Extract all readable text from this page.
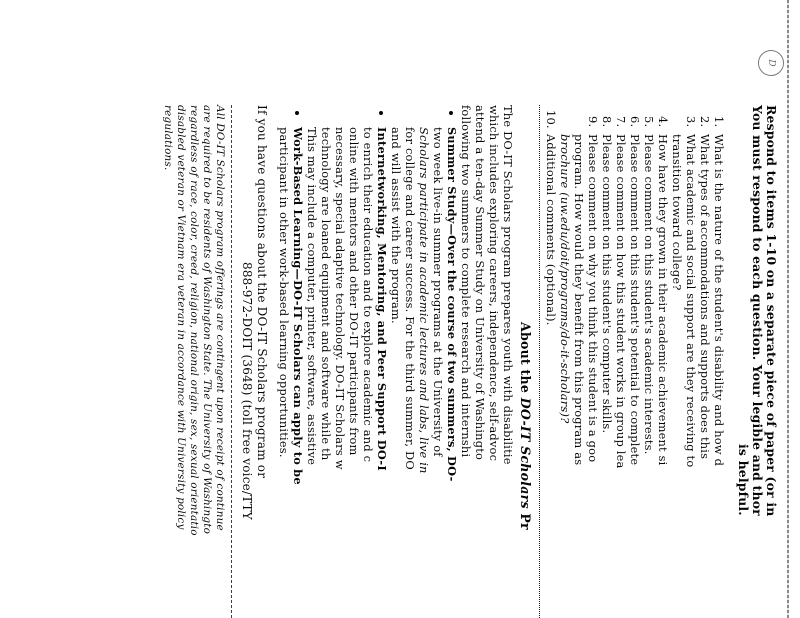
D
Respond to items 1-10 on a separate piece of paper (or in
You must respond to each question. Your legible and thor
is helpful.
1.
What is the nature of the student's disability and how d
2.
What types of accommodations and supports does this
3.
What academic and social support are they receiving to
transition toward college?
4.
How have they grown in their academic achievement si
5.
Please comment on this student's academic interests.
6.
Please comment on this student's potential to complete
7.
Please comment on how this student works in group lea
8.
Please comment on this student's computer skills.
9.
Please comment on why you think this student is a goo
program. How would they benefit from this program as
brochure (uw.edu/doit/programs/do-it-scholars)?
10.
Additional comments (optional).
About the DO-IT Scholars Pr
The DO-IT Scholars program prepares youth with disabilitie
which includes exploring careers, independence, self-advoc
attend a ten-day Summer Study on University of Washingto
following two summers to complete research and internshi
Summer Study—Over the course of two summers, DO-
two week live-in summer programs at the University of
Scholars participate in academic lectures and labs, live in
for college and career success. For the third summer, DO
and will assist with the program.
Internetworking, Mentoring, and Peer Support DO-I
to enrich their education and to explore academic and c
online with mentors and other DO-IT participants from
necessary, special adaptive technology. DO-IT Scholars w
technology are loaned equipment and software while th
This may include a computer, printer, software, assistive
Work-Based Learning—DO-IT Scholars can apply to be
participant in other work-based learning opportunities.
If you have questions about the DO-IT Scholars program or
888-972-DOIT (3648) (toll free voice/TTY
All DO-IT Scholars program offerings are contingent upon receipt of continue
are required to be residents of Washington State. The University of Washingto
regardless of race, color, creed, religion, national origin, sex, sexual orientatio
disabled veteran or Vietnam era veteran in accordance with University policy
regulations.
